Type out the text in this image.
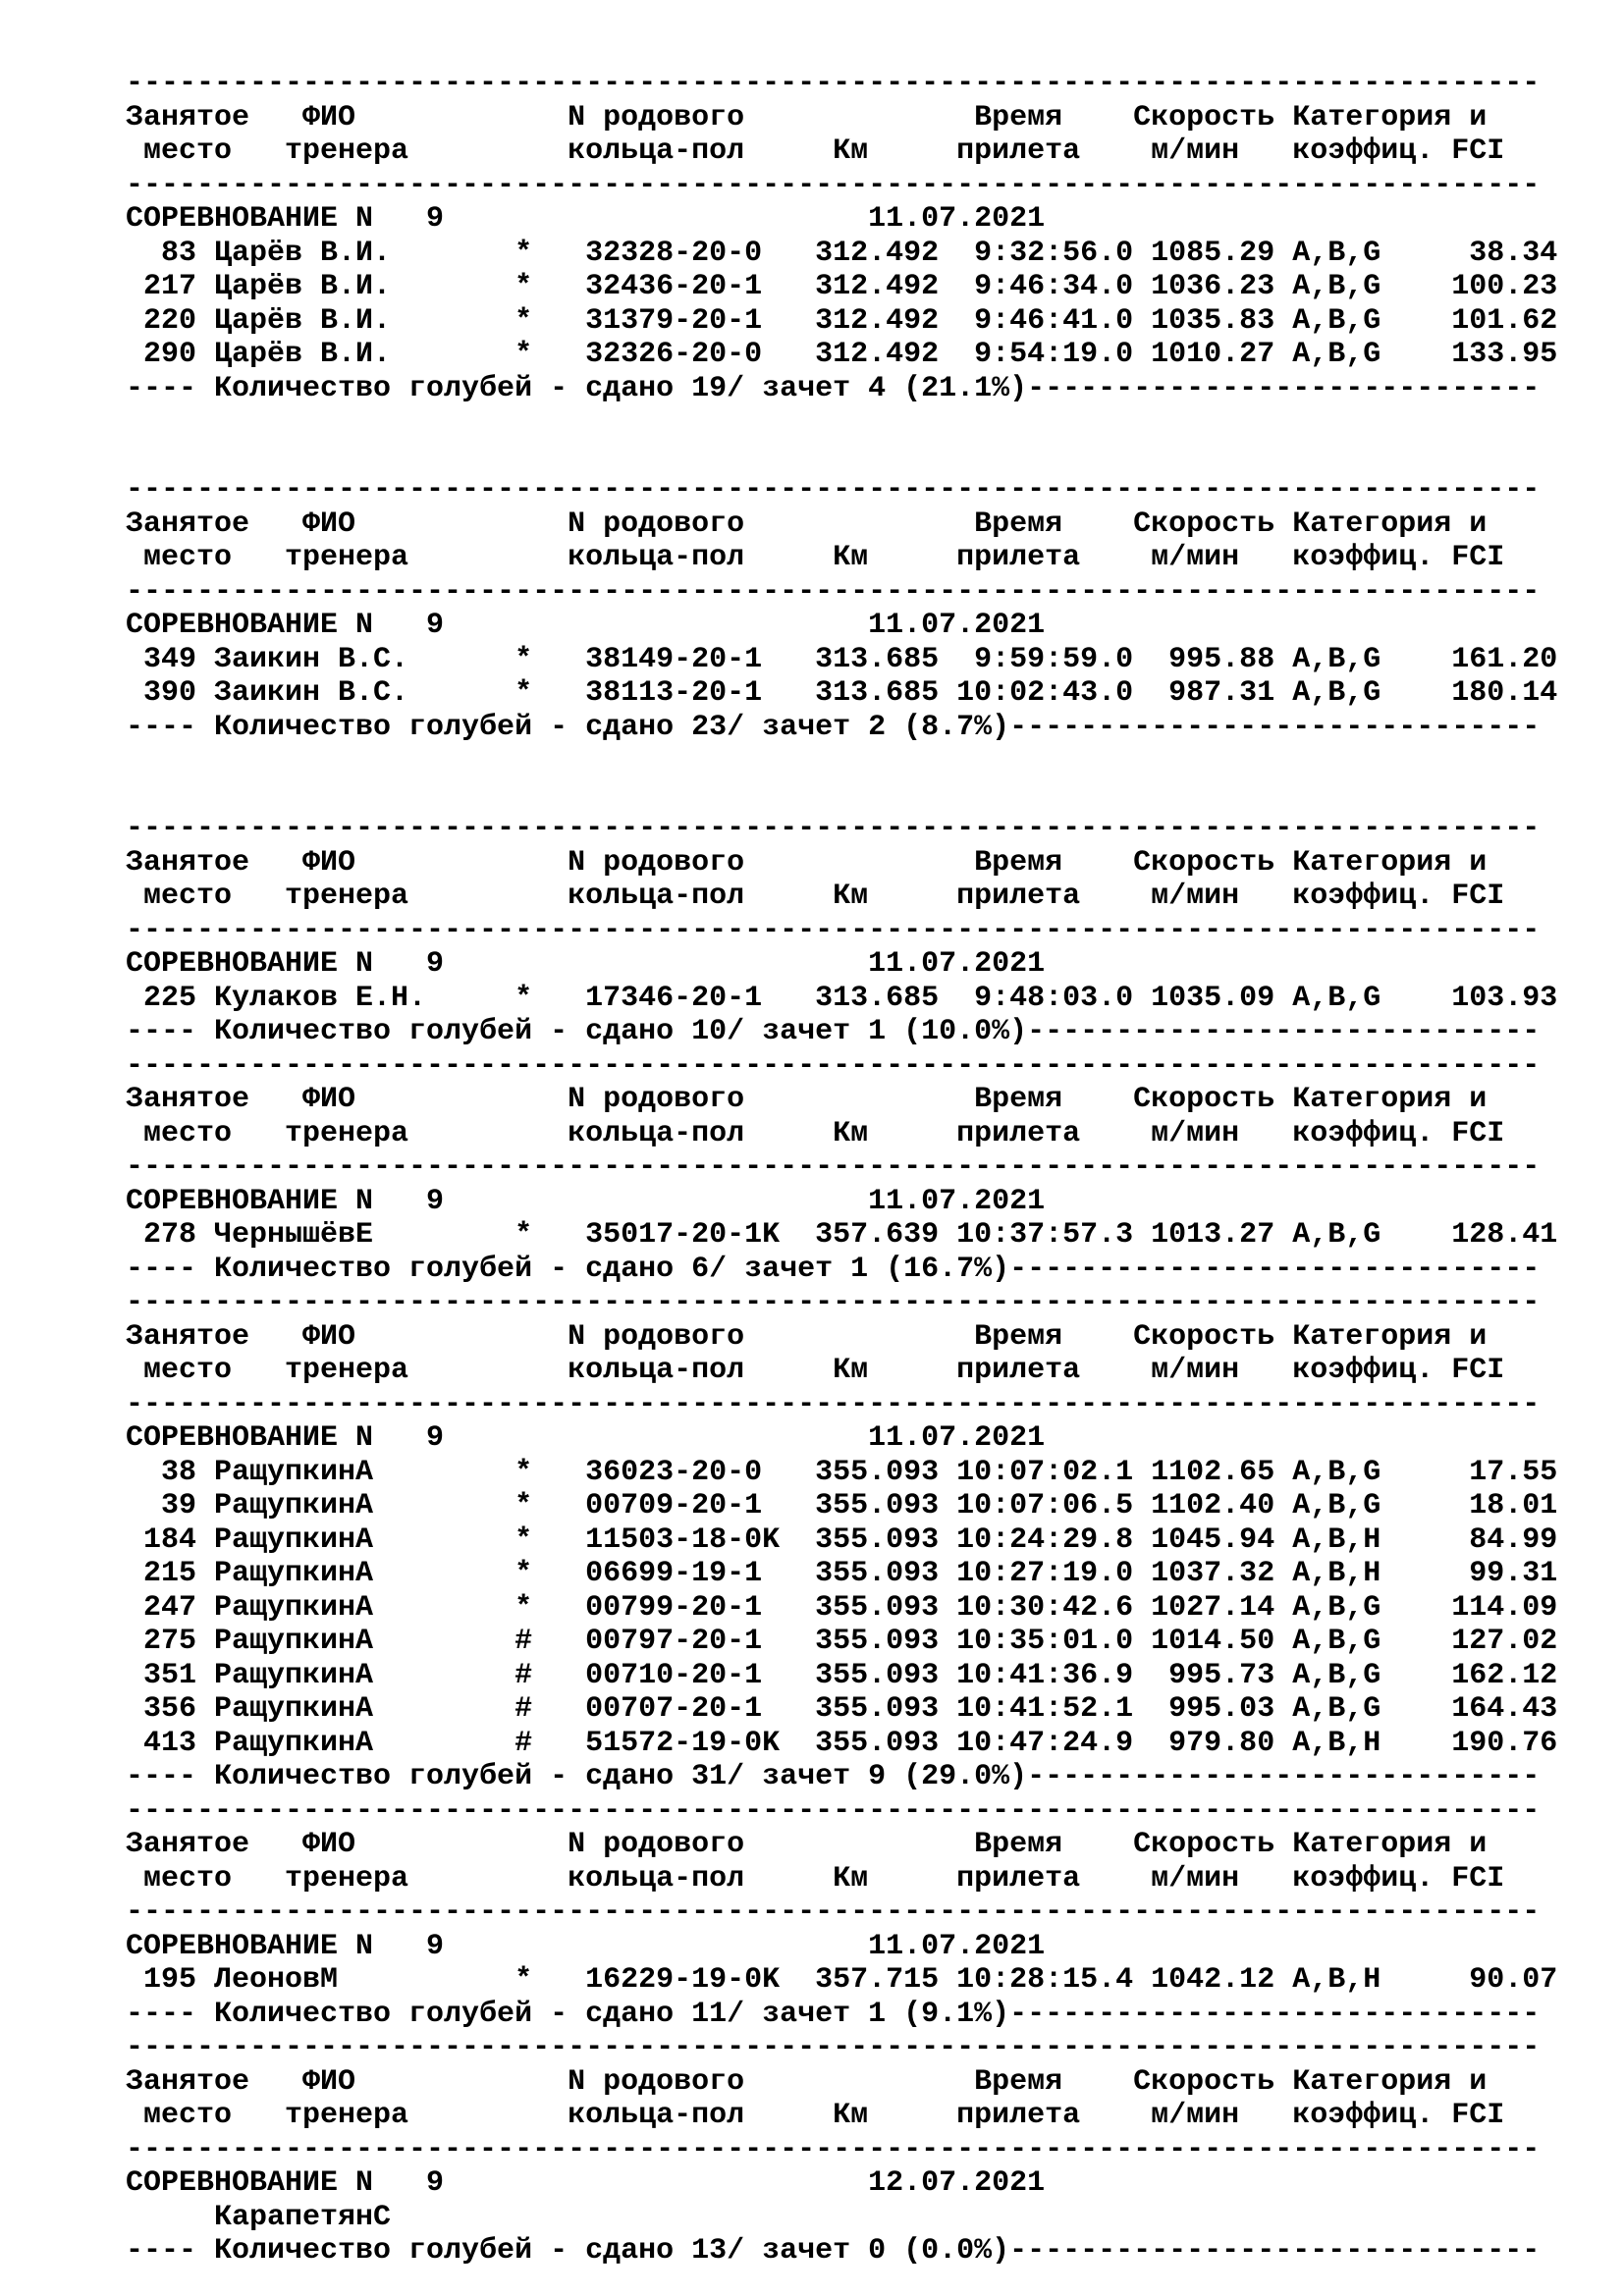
--------------------------------------------------------------------------------
Занятое   ФИО            N родового             Время    Скорость Категория и
место   тренера         кольца-пол     Км     прилета    м/мин   коэффиц. FCI
--------------------------------------------------------------------------------
СОРЕВНОВАНИЕ N   9                        11.07.2021
83 Царёв В.И.       *   32328-20-0   312.492  9:32:56.0 1085.29 A,B,G     38.34
217 Царёв В.И.       *   32436-20-1   312.492  9:46:34.0 1036.23 A,B,G    100.23
220 Царёв В.И.       *   31379-20-1   312.492  9:46:41.0 1035.83 A,B,G    101.62
290 Царёв В.И.       *   32326-20-0   312.492  9:54:19.0 1010.27 A,B,G    133.95
---- Количество голубей - сдано 19/ зачет 4 (21.1%)-----------------------------
--------------------------------------------------------------------------------
Занятое   ФИО            N родового             Время    Скорость Категория и
место   тренера         кольца-пол     Км     прилета    м/мин   коэффиц. FCI
--------------------------------------------------------------------------------
СОРЕВНОВАНИЕ N   9                        11.07.2021
349 Заикин В.С.      *   38149-20-1   313.685  9:59:59.0  995.88 A,B,G    161.20
390 Заикин В.С.      *   38113-20-1   313.685 10:02:43.0  987.31 A,B,G    180.14
---- Количество голубей - сдано 23/ зачет 2 (8.7%)------------------------------
--------------------------------------------------------------------------------
Занятое   ФИО            N родового             Время    Скорость Категория и
место   тренера         кольца-пол     Км     прилета    м/мин   коэффиц. FCI
--------------------------------------------------------------------------------
СОРЕВНОВАНИЕ N   9                        11.07.2021
225 Кулаков Е.Н.     *   17346-20-1   313.685  9:48:03.0 1035.09 A,B,G    103.93
---- Количество голубей - сдано 10/ зачет 1 (10.0%)-----------------------------
--------------------------------------------------------------------------------
Занятое   ФИО            N родового             Время    Скорость Категория и
место   тренера         кольца-пол     Км     прилета    м/мин   коэффиц. FCI
--------------------------------------------------------------------------------
СОРЕВНОВАНИЕ N   9                        11.07.2021
278 ЧернышёвЕ        *   35017-20-1K  357.639 10:37:57.3 1013.27 A,B,G    128.41
---- Количество голубей - сдано 6/ зачет 1 (16.7%)------------------------------
--------------------------------------------------------------------------------
Занятое   ФИО            N родового             Время    Скорость Категория и
место   тренера         кольца-пол     Км     прилета    м/мин   коэффиц. FCI
--------------------------------------------------------------------------------
СОРЕВНОВАНИЕ N   9                        11.07.2021
38 РащупкинА        *   36023-20-0   355.093 10:07:02.1 1102.65 A,B,G     17.55
39 РащупкинА        *   00709-20-1   355.093 10:07:06.5 1102.40 A,B,G     18.01
184 РащупкинА        *   11503-18-0K  355.093 10:24:29.8 1045.94 A,B,H     84.99
215 РащупкинА        *   06699-19-1   355.093 10:27:19.0 1037.32 A,B,H     99.31
247 РащупкинА        *   00799-20-1   355.093 10:30:42.6 1027.14 A,B,G    114.09
275 РащупкинА        #   00797-20-1   355.093 10:35:01.0 1014.50 A,B,G    127.02
351 РащупкинА        #   00710-20-1   355.093 10:41:36.9  995.73 A,B,G    162.12
356 РащупкинА        #   00707-20-1   355.093 10:41:52.1  995.03 A,B,G    164.43
413 РащупкинА        #   51572-19-0K  355.093 10:47:24.9  979.80 A,B,H    190.76
---- Количество голубей - сдано 31/ зачет 9 (29.0%)-----------------------------
--------------------------------------------------------------------------------
Занятое   ФИО            N родового             Время    Скорость Категория и
место   тренера         кольца-пол     Км     прилета    м/мин   коэффиц. FCI
--------------------------------------------------------------------------------
СОРЕВНОВАНИЕ N   9                        11.07.2021
195 ЛеоновМ          *   16229-19-0K  357.715 10:28:15.4 1042.12 A,B,H     90.07
---- Количество голубей - сдано 11/ зачет 1 (9.1%)------------------------------
--------------------------------------------------------------------------------
Занятое   ФИО            N родового             Время    Скорость Категория и
место   тренера         кольца-пол     Км     прилета    м/мин   коэффиц. FCI
--------------------------------------------------------------------------------
СОРЕВНОВАНИЕ N   9                        12.07.2021
КарапетянС
---- Количество голубей - сдано 13/ зачет 0 (0.0%)------------------------------
